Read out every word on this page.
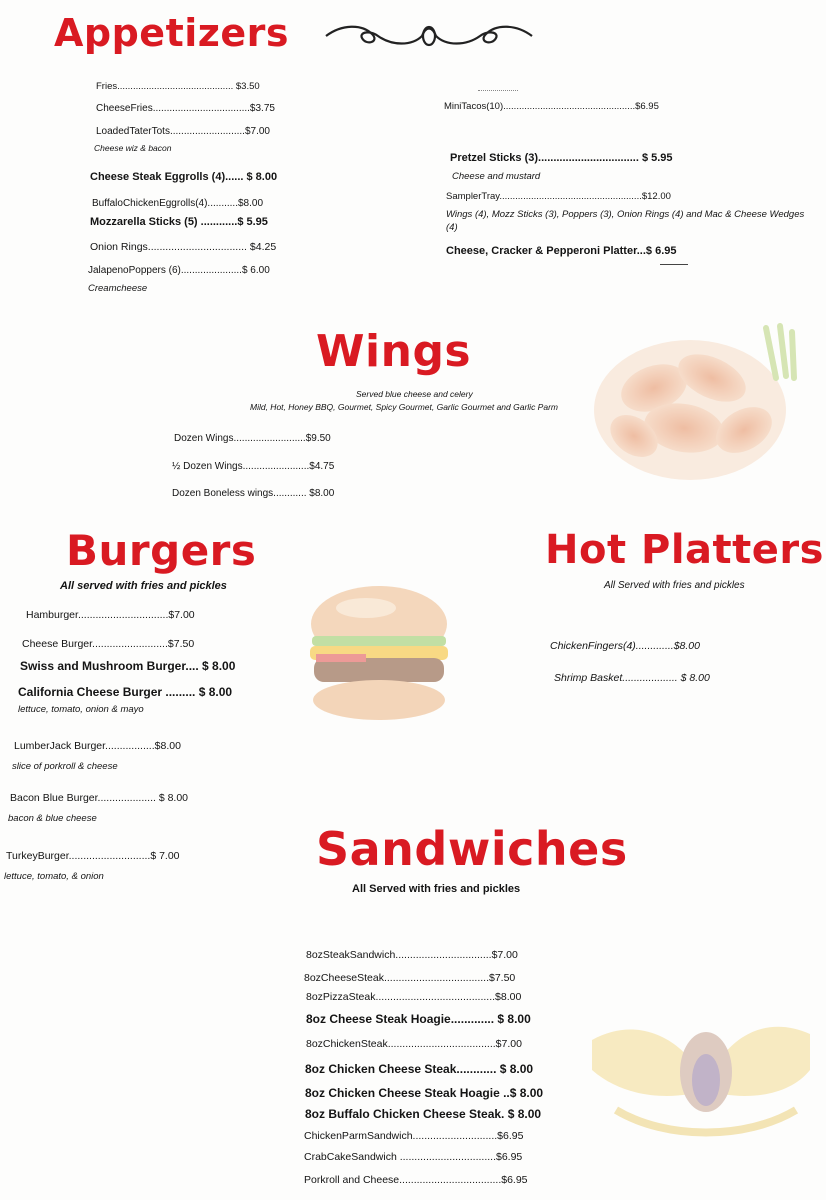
Appetizers
Fries............................................ $3.50
CheeseFries...................................$3.75
LoadedTaterTots...........................$7.00
Cheese wiz & bacon
Cheese Steak Eggrolls (4)...... $ 8.00
BuffaloChickenEggrolls(4)...........$8.00
Mozzarella Sticks (5) ............$ 5.95
Onion Rings.................................. $4.25
JalapenoPoppers (6)......................$ 6.00
Creamcheese
MiniTacos(10)..................................................$6.95
Pretzel Sticks (3)................................. $ 5.95
Cheese and mustard
SamplerTray......................................................$12.00
Wings (4), Mozz Sticks (3), Poppers (3), Onion Rings (4) and Mac & Cheese Wedges (4)
Cheese, Cracker & Pepperoni Platter...$ 6.95
Wings
Served blue cheese and celery
Mild, Hot, Honey BBQ, Gourmet, Spicy Gourmet, Garlic Gourmet and Garlic Parm
Dozen Wings..........................$9.50
½ Dozen Wings........................$4.75
Dozen Boneless wings............ $8.00
Burgers
All served with fries and pickles
Hamburger...............................$7.00
Cheese Burger..........................$7.50
Swiss and Mushroom Burger.... $ 8.00
California Cheese Burger ......... $ 8.00
lettuce, tomato, onion & mayo
LumberJack Burger.................$8.00
slice of porkroll & cheese
Bacon Blue Burger.................... $ 8.00
bacon & blue cheese
TurkeyBurger............................$ 7.00
lettuce, tomato, & onion
Hot Platters
All Served with fries and pickles
ChickenFingers(4).............$8.00
Shrimp Basket................... $ 8.00
Sandwiches
All Served with fries and pickles
8ozSteakSandwich.................................$7.00
8ozCheeseSteak....................................$7.50
8ozPizzaSteak.........................................$8.00
8oz Cheese Steak Hoagie............. $ 8.00
8ozChickenSteak.....................................$7.00
8oz Chicken Cheese Steak............ $ 8.00
8oz Chicken Cheese Steak Hoagie ..$ 8.00
8oz Buffalo Chicken Cheese Steak. $ 8.00
ChickenParmSandwich.............................$6.95
CrabCakeSandwich .................................$6.95
Porkroll and Cheese...................................$6.95
